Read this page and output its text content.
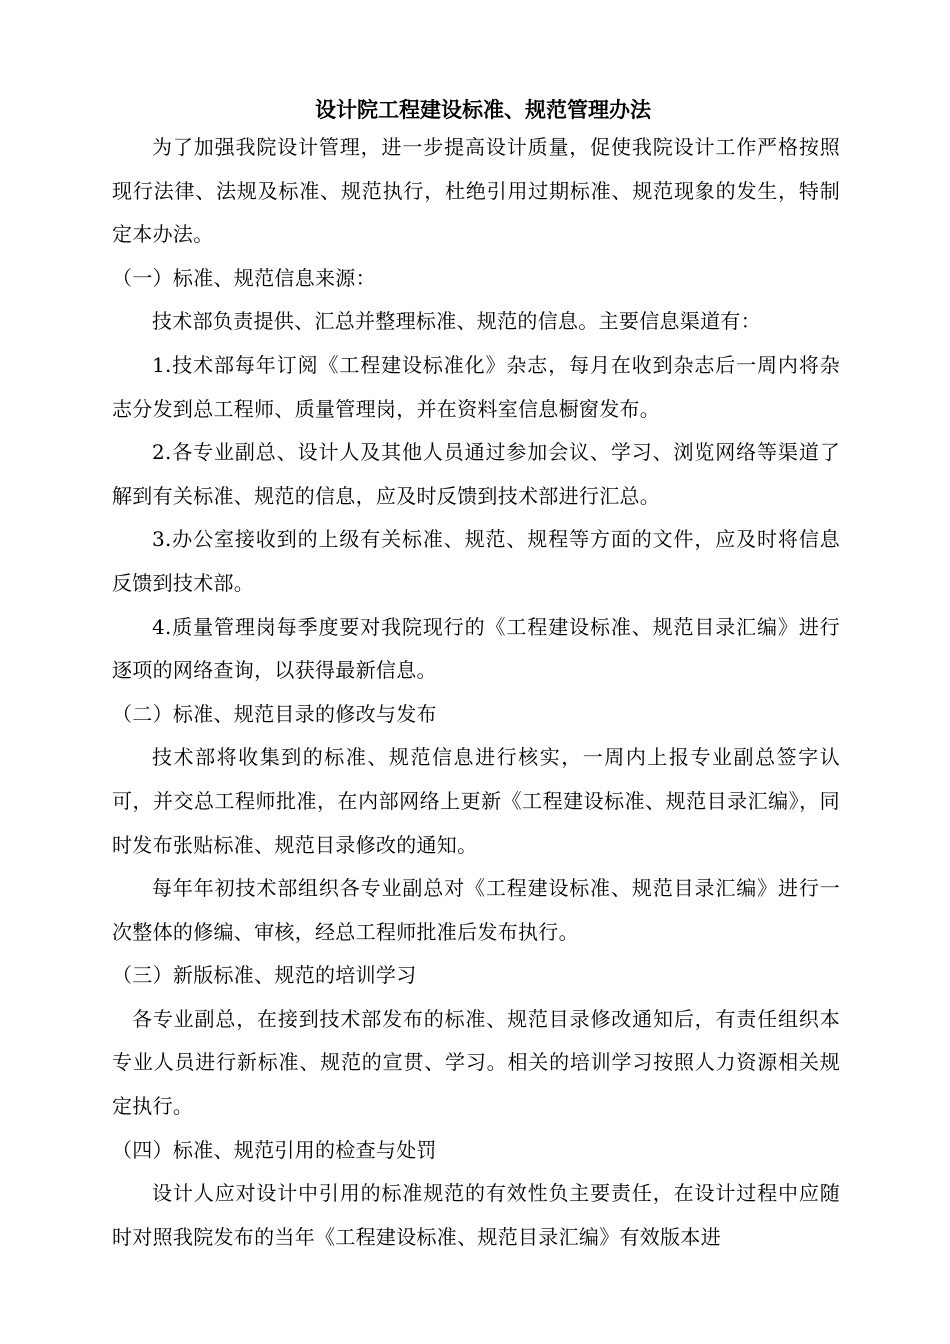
设计院工程建设标准、规范管理办法

为了加强我院设计管理，进一步提高设计质量，促使我院设计工作严格按照现行法律、法规及标准、规范执行，杜绝引用过期标准、规范现象的发生，特制定本办法。

（一）标准、规范信息来源：

技术部负责提供、汇总并整理标准、规范的信息。主要信息渠道有：

1.技术部每年订阅《工程建设标准化》杂志，每月在收到杂志后一周内将杂志分发到总工程师、质量管理岗，并在资料室信息橱窗发布。

2.各专业副总、设计人及其他人员通过参加会议、学习、浏览网络等渠道了解到有关标准、规范的信息，应及时反馈到技术部进行汇总。

3.办公室接收到的上级有关标准、规范、规程等方面的文件，应及时将信息反馈到技术部。

4.质量管理岗每季度要对我院现行的《工程建设标准、规范目录汇编》进行逐项的网络查询，以获得最新信息。

（二）标准、规范目录的修改与发布

技术部将收集到的标准、规范信息进行核实，一周内上报专业副总签字认可，并交总工程师批准，在内部网络上更新《工程建设标准、规范目录汇编》，同时发布张贴标准、规范目录修改的通知。

每年年初技术部组织各专业副总对《工程建设标准、规范目录汇编》进行一次整体的修编、审核，经总工程师批准后发布执行。

（三）新版标准、规范的培训学习

各专业副总，在接到技术部发布的标准、规范目录修改通知后，有责任组织本专业人员进行新标准、规范的宣贯、学习。相关的培训学习按照人力资源相关规定执行。

（四）标准、规范引用的检查与处罚

设计人应对设计中引用的标准规范的有效性负主要责任，在设计过程中应随时对照我院发布的当年《工程建设标准、规范目录汇编》有效版本进
